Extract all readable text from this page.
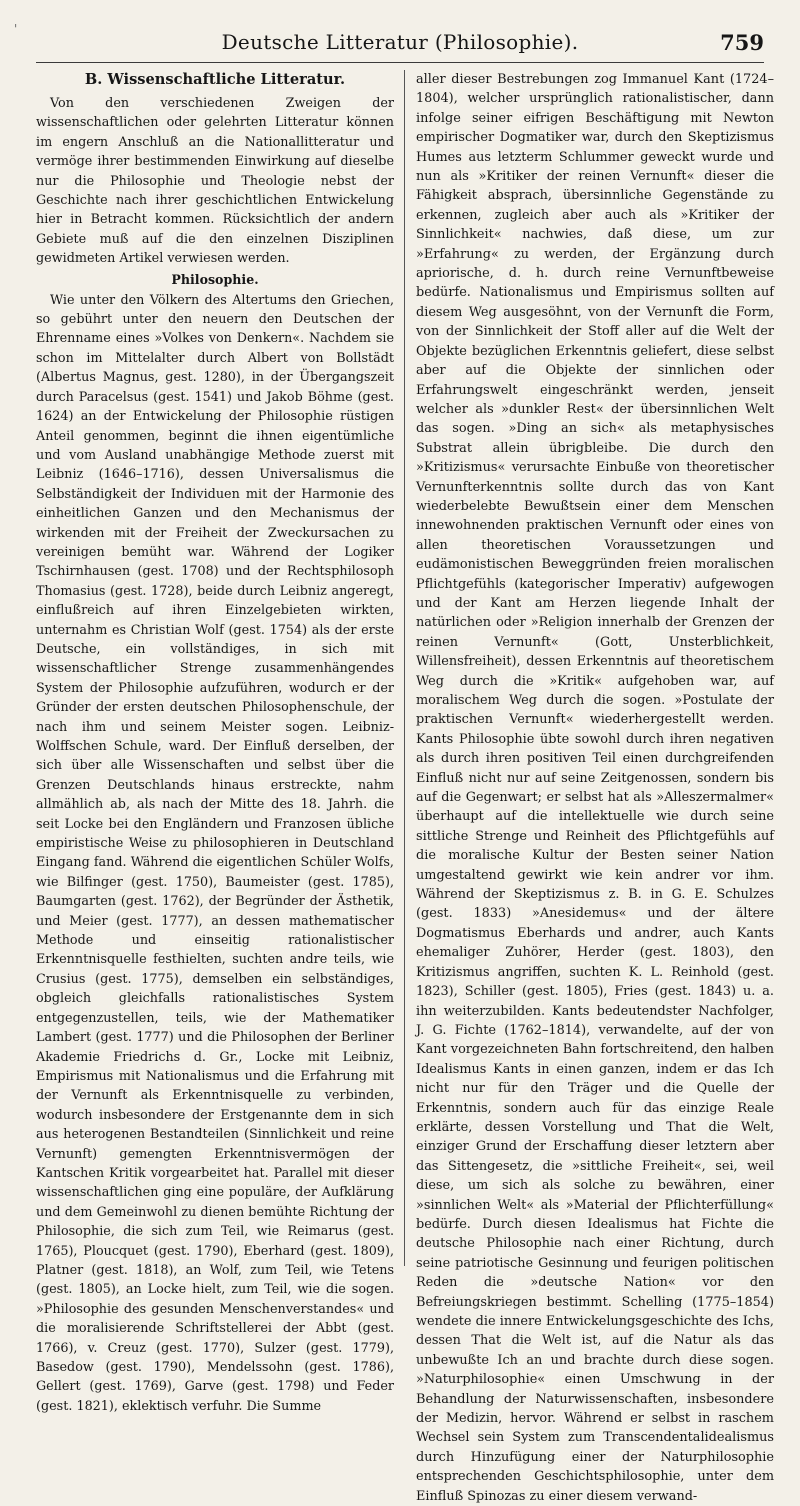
'
Deutsche Litteratur (Philosophie).	759
B. Wissenschaftliche Litteratur.

Von den verschiedenen Zweigen der wissenschaftlichen oder gelehrten Litteratur können im engern Anschluß an die Nationallitteratur und vermöge ihrer bestimmenden Einwirkung auf dieselbe nur die Philosophie und Theologie nebst der Geschichte nach ihrer geschichtlichen Entwickelung hier in Betracht kommen. Rücksichtlich der andern Gebiete muß auf die den einzelnen Disziplinen gewidmeten Artikel verwiesen werden.

Philosophie.

Wie unter den Völkern des Altertums den Griechen, so gebührt unter den neuern den Deutschen der Ehrenname eines »Volkes von Denkern«. Nachdem sie schon im Mittelalter durch Albert von Bollstädt (Albertus Magnus, gest. 1280), in der Übergangszeit durch Paracelsus (gest. 1541) und Jakob Böhme (gest. 1624) an der Entwickelung der Philosophie rüstigen Anteil genommen, beginnt die ihnen eigentümliche und vom Ausland unabhängige Methode zuerst mit Leibniz (1646–1716), dessen Universalismus die Selbständigkeit der Individuen mit der Harmonie des einheitlichen Ganzen und den Mechanismus der wirkenden mit der Freiheit der Zweckursachen zu vereinigen bemüht war. Während der Logiker Tschirnhausen (gest. 1708) und der Rechtsphilosoph Thomasius (gest. 1728), beide durch Leibniz angeregt, einflußreich auf ihren Einzelgebieten wirkten, unternahm es Christian Wolf (gest. 1754) als der erste Deutsche, ein vollständiges, in sich mit wissenschaftlicher Strenge zusammenhängendes System der Philosophie aufzuführen, wodurch er der Gründer der ersten deutschen Philosophenschule, der nach ihm und seinem Meister sogen. Leibniz-Wolffschen Schule, ward. Der Einfluß derselben, der sich über alle Wissenschaften und selbst über die Grenzen Deutschlands hinaus erstreckte, nahm allmählich ab, als nach der Mitte des 18. Jahrh. die seit Locke bei den Engländern und Franzosen übliche empiristische Weise zu philosophieren in Deutschland Eingang fand. Während die eigentlichen Schüler Wolfs, wie Bilfinger (gest. 1750), Baumeister (gest. 1785), Baumgarten (gest. 1762), der Begründer der Ästhetik, und Meier (gest. 1777), an dessen mathematischer Methode und einseitig rationalistischer Erkenntnisquelle festhielten, suchten andre teils, wie Crusius (gest. 1775), demselben ein selbständiges, obgleich gleichfalls rationalistisches System entgegenzustellen, teils, wie der Mathematiker Lambert (gest. 1777) und die Philosophen der Berliner Akademie Friedrichs d. Gr., Locke mit Leibniz, Empirismus mit Nationalismus und die Erfahrung mit der Vernunft als Erkenntnisquelle zu verbinden, wodurch insbesondere der Erstgenannte dem in sich aus heterogenen Bestandteilen (Sinnlichkeit und reine Vernunft) gemengten Erkenntnisvermögen der Kantschen Kritik vorgearbeitet hat. Parallel mit dieser wissenschaftlichen ging eine populäre, der Aufklärung und dem Gemeinwohl zu dienen bemühte Richtung der Philosophie, die sich zum Teil, wie Reimarus (gest. 1765), Ploucquet (gest. 1790), Eberhard (gest. 1809), Platner (gest. 1818), an Wolf, zum Teil, wie Tetens (gest. 1805), an Locke hielt, zum Teil, wie die sogen. »Philosophie des gesunden Menschenverstandes« und die moralisierende Schriftstellerei der Abbt (gest. 1766), v. Creuz (gest. 1770), Sulzer (gest. 1779), Basedow (gest. 1790), Mendelssohn (gest. 1786), Gellert (gest. 1769), Garve (gest. 1798) und Feder (gest. 1821), eklektisch verfuhr. Die Summe

aller dieser Bestrebungen zog Immanuel Kant (1724–1804), welcher ursprünglich rationalistischer, dann infolge seiner eifrigen Beschäftigung mit Newton empirischer Dogmatiker war, durch den Skeptizismus Humes aus letzterm Schlummer geweckt wurde und nun als »Kritiker der reinen Vernunft« dieser die Fähigkeit absprach, übersinnliche Gegenstände zu erkennen, zugleich aber auch als »Kritiker der Sinnlichkeit« nachwies, daß diese, um zur »Erfahrung« zu werden, der Ergänzung durch apriorische, d. h. durch reine Vernunftbeweise bedürfe. Nationalismus und Empirismus sollten auf diesem Weg ausgesöhnt, von der Vernunft die Form, von der Sinnlichkeit der Stoff aller auf die Welt der Objekte bezüglichen Erkenntnis geliefert, diese selbst aber auf die Objekte der sinnlichen oder Erfahrungswelt eingeschränkt werden, jenseit welcher als »dunkler Rest« der übersinnlichen Welt das sogen. »Ding an sich« als metaphysisches Substrat allein übrigbleibe. Die durch den »Kritizismus« verursachte Einbuße von theoretischer Vernunfterkenntnis sollte durch das von Kant wiederbelebte Bewußtsein einer dem Menschen innewohnenden praktischen Vernunft oder eines von allen theoretischen Voraussetzungen und eudämonistischen Beweggründen freien moralischen Pflichtgefühls (kategorischer Imperativ) aufgewogen und der Kant am Herzen liegende Inhalt der natürlichen oder »Religion innerhalb der Grenzen der reinen Vernunft« (Gott, Unsterblichkeit, Willensfreiheit), dessen Erkenntnis auf theoretischem Weg durch die »Kritik« aufgehoben war, auf moralischem Weg durch die sogen. »Postulate der praktischen Vernunft« wiederhergestellt werden. Kants Philosophie übte sowohl durch ihren negativen als durch ihren positiven Teil einen durchgreifenden Einfluß nicht nur auf seine Zeitgenossen, sondern bis auf die Gegenwart; er selbst hat als »Alleszermalmer« überhaupt auf die intellektuelle wie durch seine sittliche Strenge und Reinheit des Pflichtgefühls auf die moralische Kultur der Besten seiner Nation umgestaltend gewirkt wie kein andrer vor ihm. Während der Skeptizismus z. B. in G. E. Schulzes (gest. 1833) »Anesidemus« und der ältere Dogmatismus Eberhards und andrer, auch Kants ehemaliger Zuhörer, Herder (gest. 1803), den Kritizismus angriffen, suchten K. L. Reinhold (gest. 1823), Schiller (gest. 1805), Fries (gest. 1843) u. a. ihn weiterzubilden. Kants bedeutendster Nachfolger, J. G. Fichte (1762–1814), verwandelte, auf der von Kant vorgezeichneten Bahn fortschreitend, den halben Idealismus Kants in einen ganzen, indem er das Ich nicht nur für den Träger und die Quelle der Erkenntnis, sondern auch für das einzige Reale erklärte, dessen Vorstellung und That die Welt, einziger Grund der Erschaffung dieser letztern aber das Sittengesetz, die »sittliche Freiheit«, sei, weil diese, um sich als solche zu bewähren, einer »sinnlichen Welt« als »Material der Pflichterfüllung« bedürfe. Durch diesen Idealismus hat Fichte die deutsche Philosophie nach einer Richtung, durch seine patriotische Gesinnung und feurigen politischen Reden die »deutsche Nation« vor den Befreiungskriegen bestimmt. Schelling (1775–1854) wendete die innere Entwickelungsgeschichte des Ichs, dessen That die Welt ist, auf die Natur als das unbewußte Ich an und brachte durch diese sogen. »Naturphilosophie« einen Umschwung in der Behandlung der Naturwissenschaften, insbesondere der Medizin, hervor. Während er selbst in raschem Wechsel sein System zum Transcendentalidealismus durch Hinzufügung einer der Naturphilosophie entsprechenden Geschichtsphilosophie, unter dem Einfluß Spinozas zu einer diesem verwand-
